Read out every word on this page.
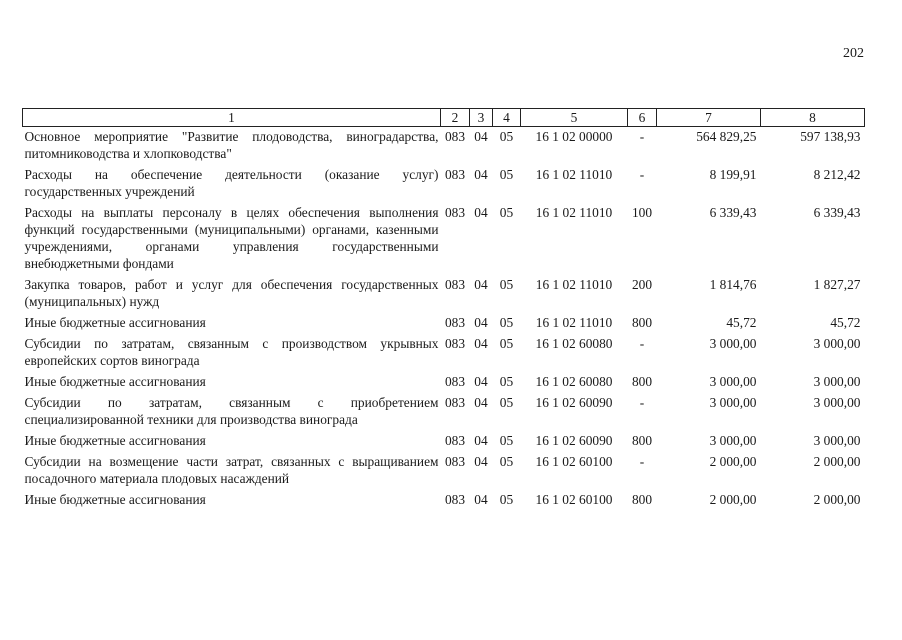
202
1	2	3	4	5	6	7	8
Основное мероприятие "Развитие плодоводства, виноградарства, питомниководства и хлопководства"	083	04	05	16 1 02 00000	-	564 829,25	597 138,93
Расходы на обеспечение деятельности (оказание услуг) государственных учреждений	083	04	05	16 1 02 11010	-	8 199,91	8 212,42
Расходы на выплаты персоналу в целях обеспечения выполнения функций государственными (муниципальными) органами, казенными учреждениями, органами управления государственными внебюджетными фондами	083	04	05	16 1 02 11010	100	6 339,43	6 339,43
Закупка товаров, работ и услуг для обеспечения государственных (муниципальных) нужд	083	04	05	16 1 02 11010	200	1 814,76	1 827,27
Иные бюджетные ассигнования	083	04	05	16 1 02 11010	800	45,72	45,72
Субсидии по затратам, связанным с производством укрывных европейских сортов винограда	083	04	05	16 1 02 60080	-	3 000,00	3 000,00
Иные бюджетные ассигнования	083	04	05	16 1 02 60080	800	3 000,00	3 000,00
Субсидии по затратам, связанным с приобретением специализированной техники для производства винограда	083	04	05	16 1 02 60090	-	3 000,00	3 000,00
Иные бюджетные ассигнования	083	04	05	16 1 02 60090	800	3 000,00	3 000,00
Субсидии на возмещение части затрат, связанных с выращиванием посадочного материала плодовых насаждений	083	04	05	16 1 02 60100	-	2 000,00	2 000,00
Иные бюджетные ассигнования	083	04	05	16 1 02 60100	800	2 000,00	2 000,00
